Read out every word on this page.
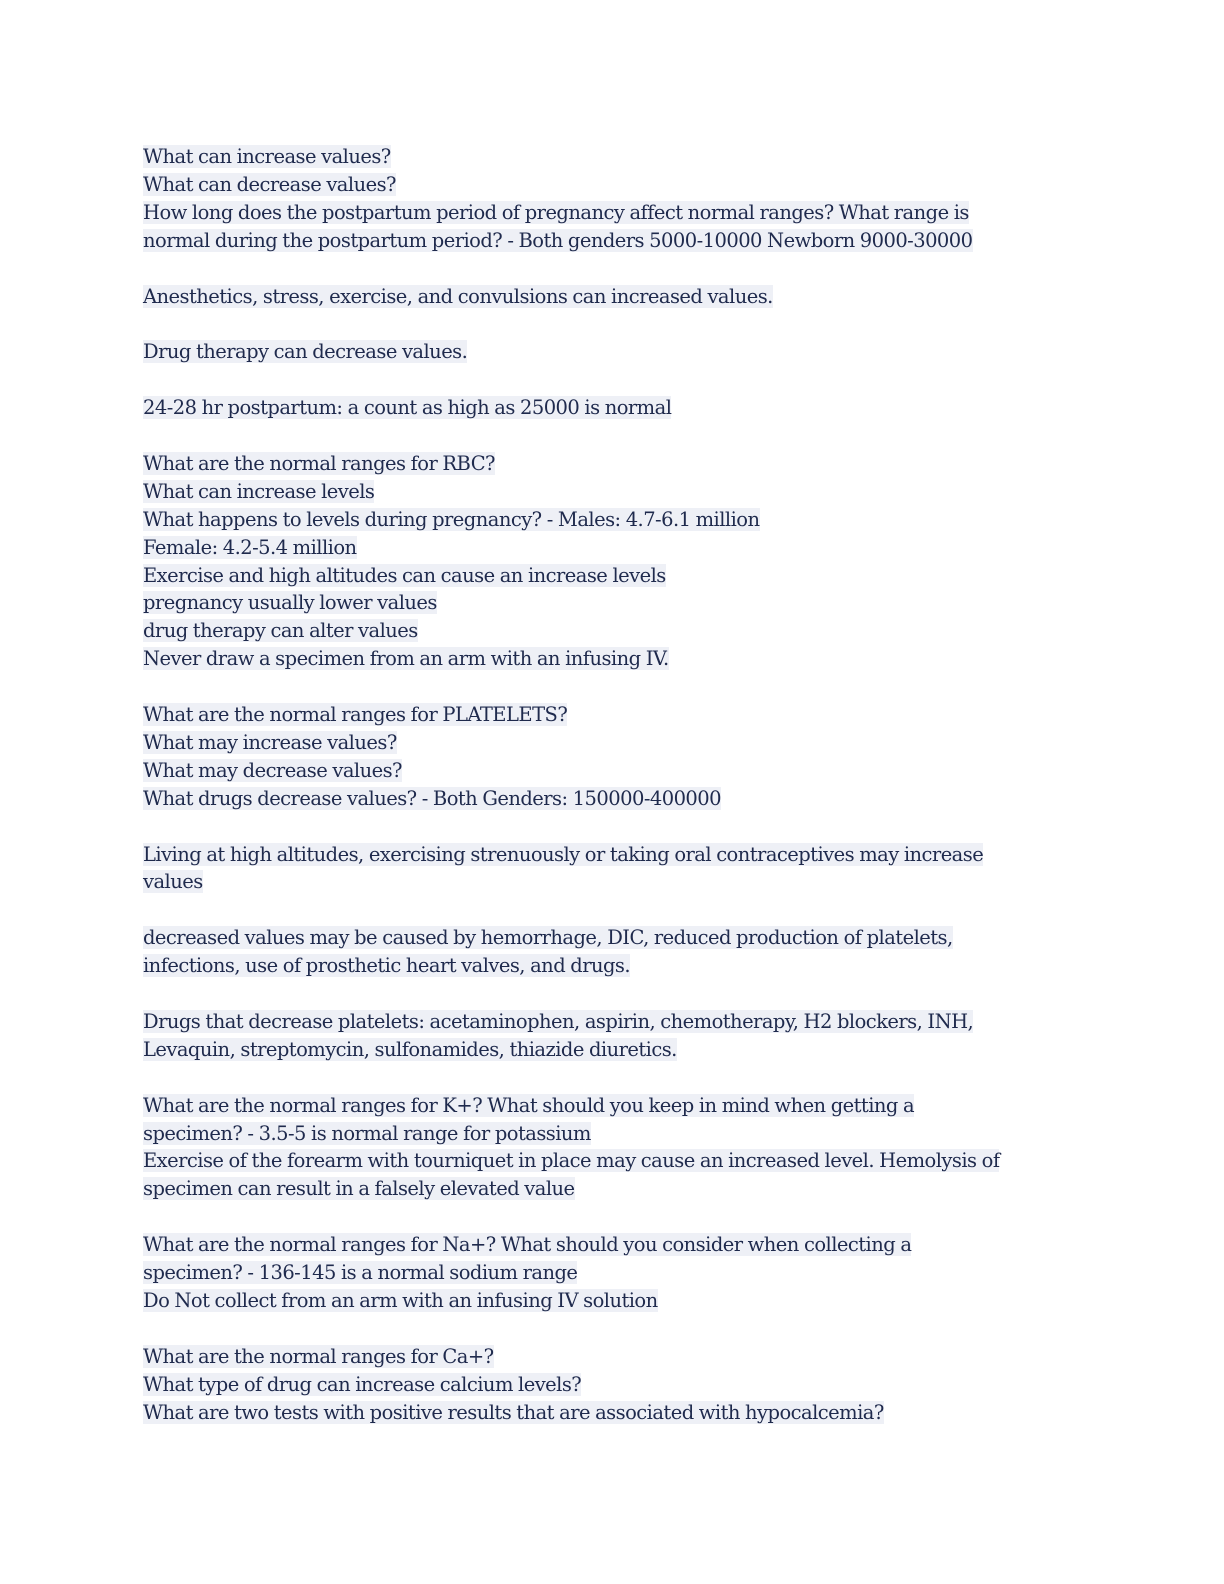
What can increase values?
What can decrease values?
How long does the postpartum period of pregnancy affect normal ranges? What range is
normal during the postpartum period? - Both genders 5000-10000 Newborn 9000-30000
Anesthetics, stress, exercise, and convulsions can increased values.
Drug therapy can decrease values.
24-28 hr postpartum: a count as high as 25000 is normal
What are the normal ranges for RBC?
What can increase levels
What happens to levels during pregnancy? - Males: 4.7-6.1 million
Female: 4.2-5.4 million
Exercise and high altitudes can cause an increase levels
pregnancy usually lower values
drug therapy can alter values
Never draw a specimen from an arm with an infusing IV.
What are the normal ranges for PLATELETS?
What may increase values?
What may decrease values?
What drugs decrease values? - Both Genders: 150000-400000
Living at high altitudes, exercising strenuously or taking oral contraceptives may increase
values
decreased values may be caused by hemorrhage, DIC, reduced production of platelets,
infections, use of prosthetic heart valves, and drugs.
Drugs that decrease platelets: acetaminophen, aspirin, chemotherapy, H2 blockers, INH,
Levaquin, streptomycin, sulfonamides, thiazide diuretics.
What are the normal ranges for K+? What should you keep in mind when getting a
specimen? - 3.5-5 is normal range for potassium
Exercise of the forearm with tourniquet in place may cause an increased level. Hemolysis of
specimen can result in a falsely elevated value
What are the normal ranges for Na+? What should you consider when collecting a
specimen? - 136-145 is a normal sodium range
Do Not collect from an arm with an infusing IV solution
What are the normal ranges for Ca+?
What type of drug can increase calcium levels?
What are two tests with positive results that are associated with hypocalcemia?
